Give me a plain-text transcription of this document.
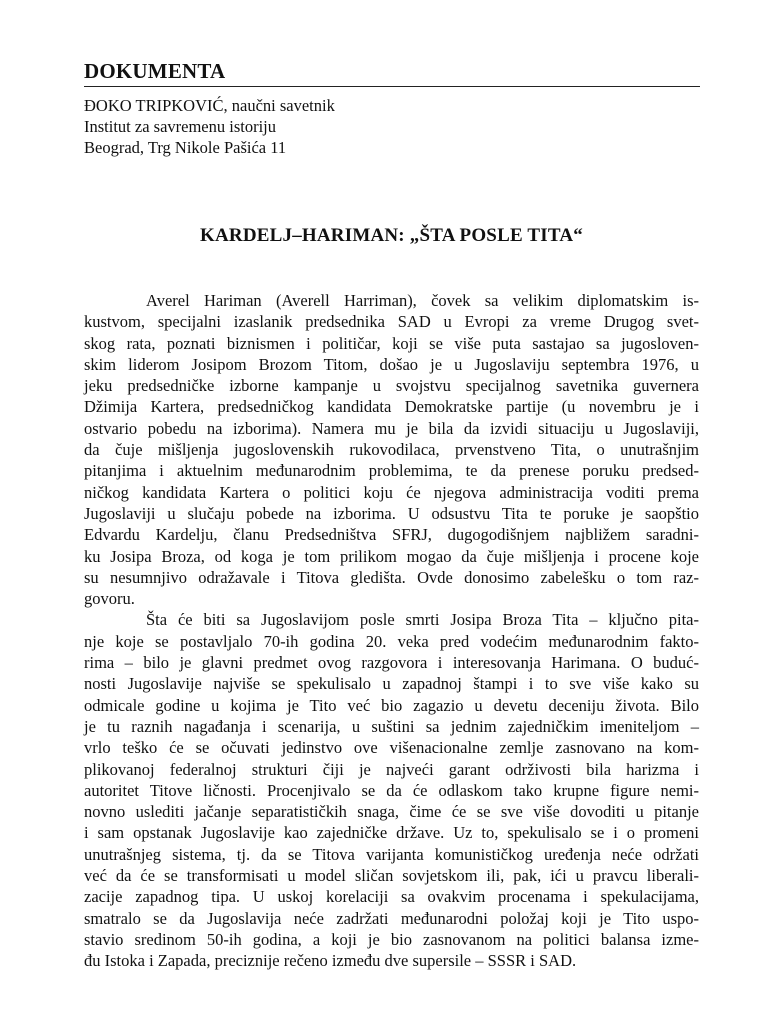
DOKUMENTA
ĐOKO TRIPKOVIĆ, naučni savetnik
Institut za savremenu istoriju
Beograd, Trg Nikole Pašića 11
KARDELJ–HARIMAN: „ŠTA POSLE TITA“
Averel Hariman (Averell Harriman), čovek sa velikim diplomatskim is-
kustvom, specijalni izaslanik predsednika SAD u Evropi za vreme Drugog svet-
skog rata, poznati biznismen i političar, koji se više puta sastajao sa jugosloven-
skim liderom Josipom Brozom Titom, došao je u Jugoslaviju septembra 1976, u
jeku predsedničke izborne kampanje u svojstvu specijalnog savetnika guvernera
Džimija Kartera, predsedničkog kandidata Demokratske partije (u novembru je i
ostvario pobedu na izborima). Namera mu je bila da izvidi situaciju u Jugoslaviji,
da čuje mišljenja jugoslovenskih rukovodilaca, prvenstveno Tita, o unutrašnjim
pitanjima i aktuelnim međunarodnim problemima, te da prenese poruku predsed-
ničkog kandidata Kartera o politici koju će njegova administracija voditi prema
Jugoslaviji u slučaju pobede na izborima. U odsustvu Tita te poruke je saopštio
Edvardu Kardelju, članu Predsedništva SFRJ, dugogodišnjem najbližem saradni-
ku Josipa Broza, od koga je tom prilikom mogao da čuje mišljenja i procene koje
su nesumnjivo odražavale i Titova gledišta. Ovde donosimo zabelešku o tom raz-
govoru.
Šta će biti sa Jugoslavijom posle smrti Josipa Broza Tita – ključno pita-
nje koje se postavljalo 70-ih godina 20. veka pred vodećim međunarodnim fakto-
rima – bilo je glavni predmet ovog razgovora i interesovanja Harimana. O buduć-
nosti Jugoslavije najviše se spekulisalo u zapadnoj štampi i to sve više kako su
odmicale godine u kojima je Tito već bio zagazio u devetu deceniju života. Bilo
je tu raznih nagađanja i scenarija, u suštini sa jednim zajedničkim imeniteljom –
vrlo teško će se očuvati jedinstvo ove višenacionalne zemlje zasnovano na kom-
plikovanoj federalnoj strukturi čiji je najveći garant održivosti bila harizma i
autoritet Titove ličnosti. Procenjivalo se da će odlaskom tako krupne figure nemi-
novno uslediti jačanje separatističkih snaga, čime će se sve više dovoditi u pitanje
i sam opstanak Jugoslavije kao zajedničke države. Uz to, spekulisalo se i o promeni
unutrašnjeg sistema, tj. da se Titova varijanta komunističkog uređenja neće održati
već da će se transformisati u model sličan sovjetskom ili, pak, ići u pravcu liberali-
zacije zapadnog tipa. U uskoj korelaciji sa ovakvim procenama i spekulacijama,
smatralo se da Jugoslavija neće zadržati međunarodni položaj koji je Tito uspo-
stavio sredinom 50-ih godina, a koji je bio zasnovanom na politici balansa izme-
đu Istoka i Zapada, preciznije rečeno između dve supersile – SSSR i SAD.
